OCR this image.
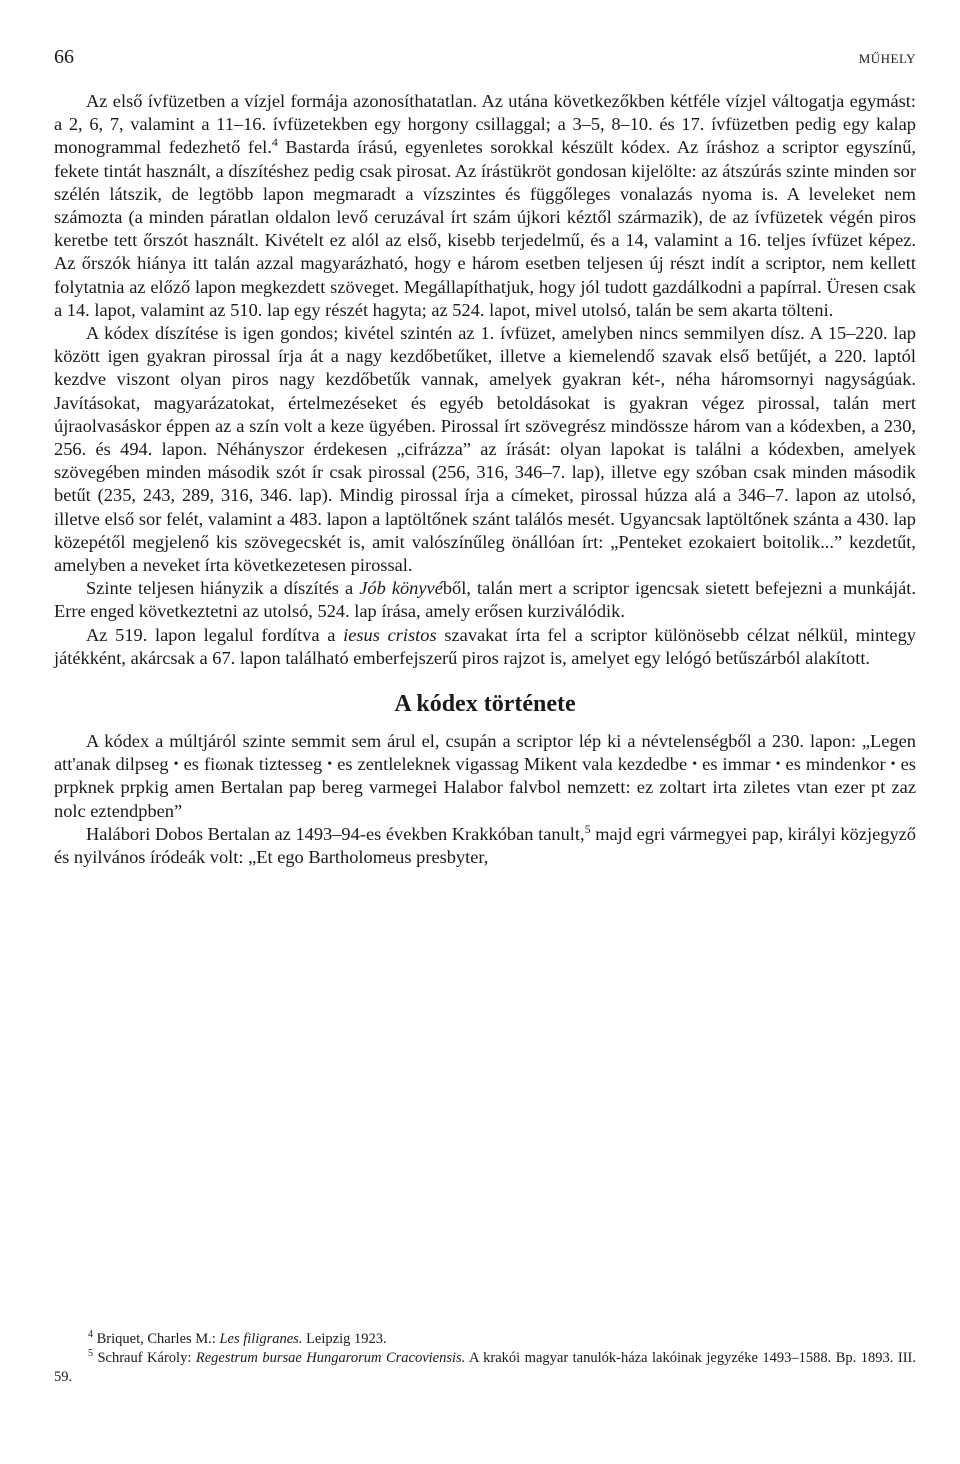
66	MŰHELY

Az első ívfüzetben a vízjel formája azonosíthatatlan. Az utána következőkben kétféle vízjel váltogatja egymást: a 2, 6, 7, valamint a 11–16. ívfüzetekben egy horgony csillaggal; a 3–5, 8–10. és 17. ívfüzetben pedig egy kalap monogrammal fedezhető fel.$^4$ Bastarda írású, egyenletes sorokkal készült kódex. Az íráshoz a scriptor egyszínű, fekete tintát használt, a díszítéshez pedig csak pirosat. Az írástükröt gondosan kijelölte: az átszúrás szinte minden sor szélén látszik, de legtöbb lapon megmaradt a vízszintes és függőleges vonalazás nyoma is. A leveleket nem számozta (a minden páratlan oldalon levő ceruzával írt szám újkori kéztől származik), de az ívfüzetek végén piros keretbe tett őrszót használt. Kivételt ez alól az első, kisebb terjedelmű, és a 14, valamint a 16. teljes ívfüzet képez. Az őrszók hiánya itt talán azzal magyarázható, hogy e három esetben teljesen új részt indít a scriptor, nem kellett folytatnia az előző lapon megkezdett szöveget. Megállapíthatjuk, hogy jól tudott gazdálkodni a papírral. Üresen csak a 14. lapot, valamint az 510. lap egy részét hagyta; az 524. lapot, mivel utolsó, talán be sem akarta tölteni.

A kódex díszítése is igen gondos; kivétel szintén az 1. ívfüzet, amelyben nincs semmilyen dísz. A 15–220. lap között igen gyakran pirossal írja át a nagy kezdőbetűket, illetve a kiemelendő szavak első betűjét, a 220. laptól kezdve viszont olyan piros nagy kezdőbetűk vannak, amelyek gyakran két-, néha háromsornyi nagyságúak. Javításokat, magyarázatokat, értelmezéseket és egyéb betoldásokat is gyakran végez pirossal, talán mert újraolvasáskor éppen az a szín volt a keze ügyében. Pirossal írt szövegrész mindössze három van a kódexben, a 230, 256. és 494. lapon. Néhányszor érdekesen „cifrázza” az írását: olyan lapokat is találni a kódexben, amelyek szövegében minden második szót ír csak pirossal (256, 316, 346–7. lap), illetve egy szóban csak minden második betűt (235, 243, 289, 316, 346. lap). Mindig pirossal írja a címeket, pirossal húzza alá a 346–7. lapon az utolsó, illetve első sor felét, valamint a 483. lapon a laptöltőnek szánt találós mesét. Ugyancsak laptöltőnek szánta a 430. lap közepétől megjelenő kis szövegecskét is, amit valószínűleg önállóan írt: „Penteket ezokaiert boitolik...” kezdetűt, amelyben a neveket írta következetesen pirossal.

Szinte teljesen hiányzik a díszítés a Jób könyvéből, talán mert a scriptor igencsak sietett befejezni a munkáját. Erre enged következtetni az utolsó, 524. lap írása, amely erősen kurziválódik.

Az 519. lapon legalul fordítva a iesus cristos szavakat írta fel a scriptor különösebb célzat nélkül, mintegy játékként, akárcsak a 67. lapon található emberfejszerű piros rajzot is, amelyet egy lelógó betűszárból alakított.

A kódex története

A kódex a múltjáról szinte semmit sem árul el, csupán a scriptor lép ki a névtelenségből a 230. lapon: „Legen att'anak dilpseg • es fiωnak tiztesseg • es zentleleknek vigassag Mikent vala kezdedbe • es immar • es mindenkor • es prpknek prpkig amen Bertalan pap bereg varmegei Halabor falvbol nemzett: ez zoltart irta ziletes vtan ezer pt zaz nolc eztendpben”

Halábori Dobos Bertalan az 1493–94-es években Krakkóban tanult,$^5$ majd egri vármegyei pap, királyi közjegyző és nyilvános íródeák volt: „Et ego Bartholomeus presbyter,

$^4$ Briquet, Charles M.: Les filigranes. Leipzig 1923.

$^5$ Schrauf Károly: Regestrum bursae Hungarorum Cracoviensis. A krakói magyar tanulók-háza lakóinak jegyzéke 1493–1588. Bp. 1893. III. 59.
